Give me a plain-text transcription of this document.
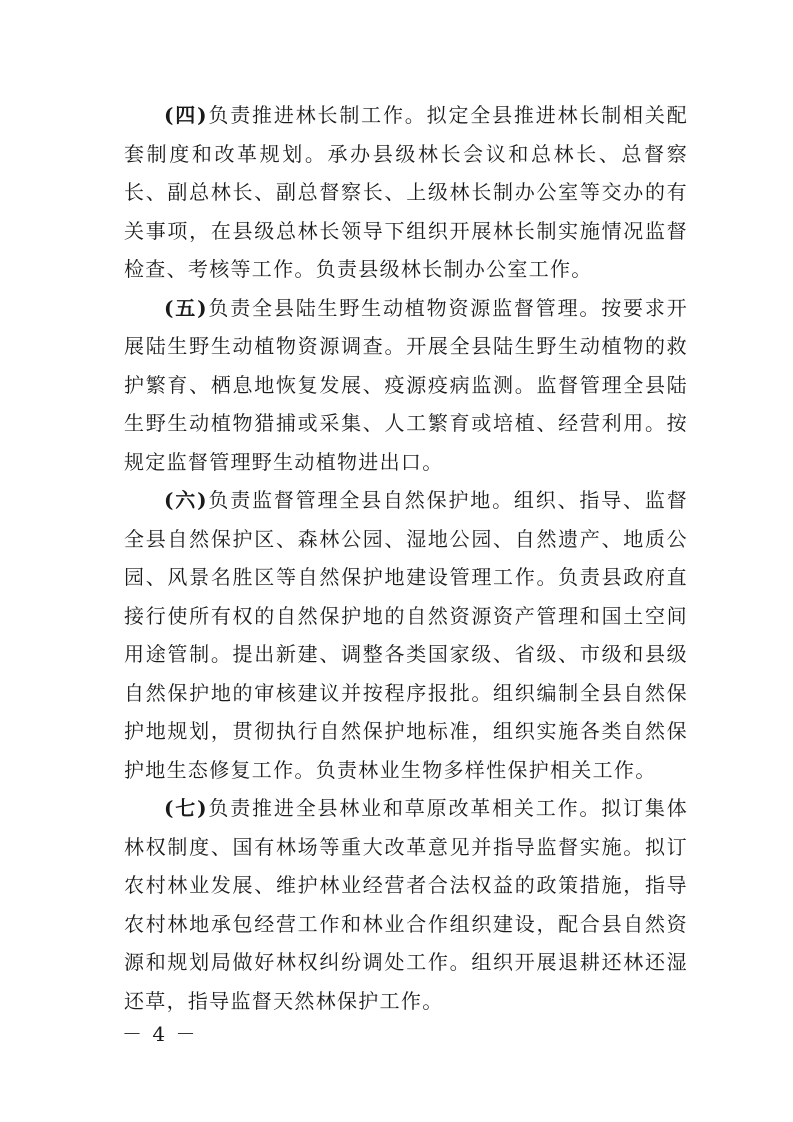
(四)负责推进林长制工作。拟定全县推进林长制相关配套制度和改革规划。承办县级林长会议和总林长、总督察长、副总林长、副总督察长、上级林长制办公室等交办的有关事项，在县级总林长领导下组织开展林长制实施情况监督检查、考核等工作。负责县级林长制办公室工作。

(五)负责全县陆生野生动植物资源监督管理。按要求开展陆生野生动植物资源调查。开展全县陆生野生动植物的救护繁育、栖息地恢复发展、疫源疫病监测。监督管理全县陆生野生动植物猎捕或采集、人工繁育或培植、经营利用。按规定监督管理野生动植物进出口。

(六)负责监督管理全县自然保护地。组织、指导、监督全县自然保护区、森林公园、湿地公园、自然遗产、地质公园、风景名胜区等自然保护地建设管理工作。负责县政府直接行使所有权的自然保护地的自然资源资产管理和国土空间用途管制。提出新建、调整各类国家级、省级、市级和县级自然保护地的审核建议并按程序报批。组织编制全县自然保护地规划，贯彻执行自然保护地标准，组织实施各类自然保护地生态修复工作。负责林业生物多样性保护相关工作。

(七)负责推进全县林业和草原改革相关工作。拟订集体林权制度、国有林场等重大改革意见并指导监督实施。拟订农村林业发展、维护林业经营者合法权益的政策措施，指导农村林地承包经营工作和林业合作组织建设，配合县自然资源和规划局做好林权纠纷调处工作。组织开展退耕还林还湿还草，指导监督天然林保护工作。

－ 4 －
